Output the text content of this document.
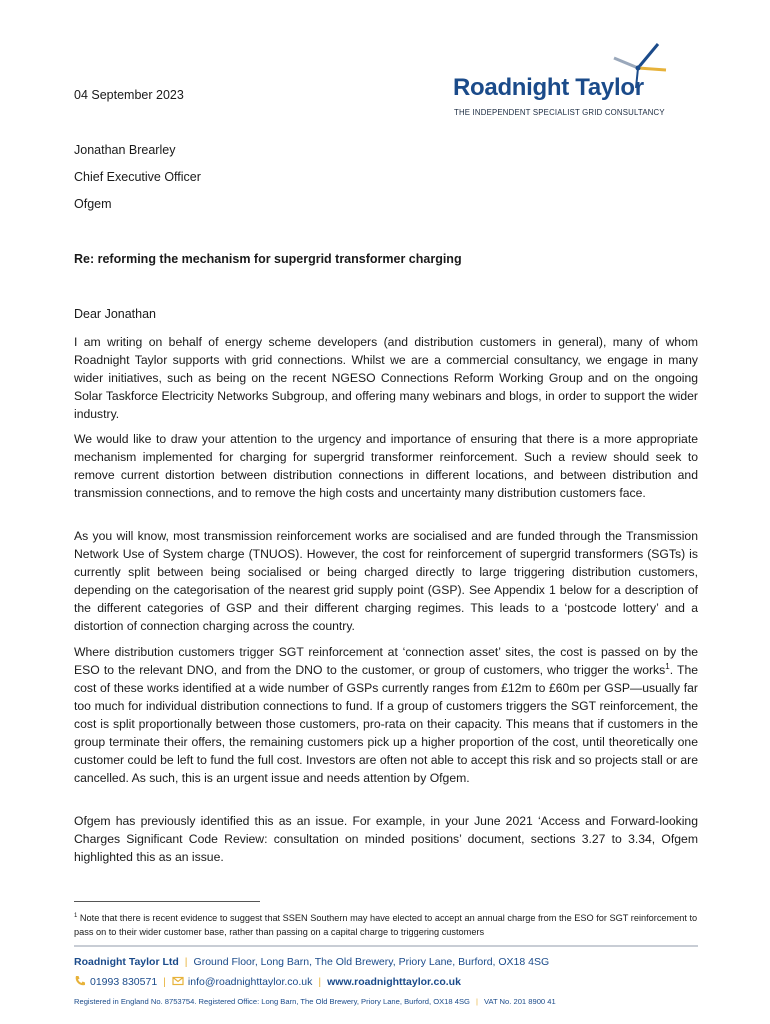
04 September 2023	Roadnight Taylor
THE INDEPENDENT SPECIALIST GRID CONSULTANCY
Jonathan Brearley
Chief Executive Officer
Ofgem
Re: reforming the mechanism for supergrid transformer charging
Dear Jonathan

I am writing on behalf of energy scheme developers (and distribution customers in general), many of whom Roadnight Taylor supports with grid connections. Whilst we are a commercial consultancy, we engage in many wider initiatives, such as being on the recent NGESO Connections Reform Working Group and on the ongoing Solar Taskforce Electricity Networks Subgroup, and offering many webinars and blogs, in order to support the wider industry.

We would like to draw your attention to the urgency and importance of ensuring that there is a more appropriate mechanism implemented for charging for supergrid transformer reinforcement. Such a review should seek to remove current distortion between distribution connections in different locations, and between distribution and transmission connections, and to remove the high costs and uncertainty many distribution customers face.

As you will know, most transmission reinforcement works are socialised and are funded through the Transmission Network Use of System charge (TNUOS). However, the cost for reinforcement of supergrid transformers (SGTs) is currently split between being socialised or being charged directly to large triggering distribution customers, depending on the categorisation of the nearest grid supply point (GSP). See Appendix 1 below for a description of the different categories of GSP and their different charging regimes. This leads to a ‘postcode lottery’ and a distortion of connection charging across the country.

Where distribution customers trigger SGT reinforcement at ‘connection asset’ sites, the cost is passed on by the ESO to the relevant DNO, and from the DNO to the customer, or group of customers, who trigger the works$^1$. The cost of these works identified at a wide number of GSPs currently ranges from £12m to £60m per GSP—usually far too much for individual distribution connections to fund. If a group of customers triggers the SGT reinforcement, the cost is split proportionally between those customers, pro-rata on their capacity. This means that if customers in the group terminate their offers, the remaining customers pick up a higher proportion of the cost, until theoretically one customer could be left to fund the full cost. Investors are often not able to accept this risk and so projects stall or are cancelled. As such, this is an urgent issue and needs attention by Ofgem.

Ofgem has previously identified this as an issue. For example, in your June 2021 ‘Access and Forward-looking Charges Significant Code Review: consultation on minded positions’ document, sections 3.27 to 3.34, Ofgem highlighted this as an issue.

$^1$ Note that there is recent evidence to suggest that SSEN Southern may have elected to accept an annual charge from the ESO for SGT reinforcement to pass on to their wider customer base, rather than passing on a capital charge to triggering customers
Roadnight Taylor Ltd | Ground Floor, Long Barn, The Old Brewery, Priory Lane, Burford, OX18 4SG
01993 830571 | info@roadnighttaylor.co.uk | www.roadnighttaylor.co.uk
Registered in England No. 8753754. Registered Office: Long Barn, The Old Brewery, Priory Lane, Burford, OX18 4SG | VAT No. 201 8900 41
